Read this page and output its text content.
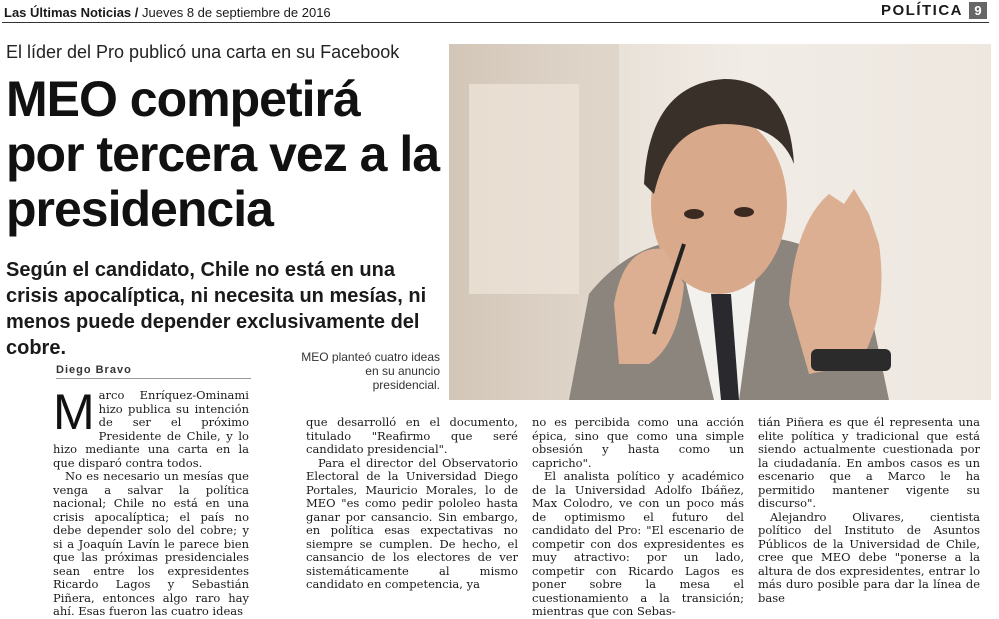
Las Últimas Noticias / Jueves 8 de septiembre de 2016	POLÍTICA 9
El líder del Pro publicó una carta en su Facebook
MEO competirá por tercera vez a la presidencia
Según el candidato, Chile no está en una crisis apocalíptica, ni necesita un mesías, ni menos puede depender exclusivamente del cobre.
Diego Bravo
MEO planteó cuatro ideas en su anuncio presidencial.
M arco Enríquez-Ominami hizo publica su intención de ser el próximo Presidente de Chile, y lo hizo mediante una carta en la que disparó contra todos.

No es necesario un mesías que venga a salvar la política nacional; Chile no está en una crisis apocalíptica; el país no debe depender solo del cobre; y si a Joaquín Lavín le parece bien que las próximas presidenciales sean entre los expresidentes Ricardo Lagos y Sebastián Piñera, entonces algo raro hay ahí. Esas fueron las cuatro ideas

que desarrolló en el documento, titulado "Reafirmo que seré candidato presidencial".

Para el director del Observatorio Electoral de la Universidad Diego Portales, Mauricio Morales, lo de MEO "es como pedir pololeo hasta ganar por cansancio. Sin embargo, en política esas expectativas no siempre se cumplen. De hecho, el cansancio de los electores de ver sistemáticamente al mismo candidato en competencia, ya

no es percibida como una acción épica, sino que como una simple obsesión y hasta como un capricho".

El analista político y académico de la Universidad Adolfo Ibáñez, Max Colodro, ve con un poco más de optimismo el futuro del candidato del Pro: "El escenario de competir con dos expresidentes es muy atractivo: por un lado, competir con Ricardo Lagos es poner sobre la mesa el cuestionamiento a la transición; mientras que con Sebas-

tián Piñera es que él representa una elite política y tradicional que está siendo actualmente cuestionada por la ciudadanía. En ambos casos es un escenario que a Marco le ha permitido mantener vigente su discurso".

Alejandro Olivares, cientista político del Instituto de Asuntos Públicos de la Universidad de Chile, cree que MEO debe "ponerse a la altura de dos expresidentes, entrar lo más duro posible para dar la línea de base
